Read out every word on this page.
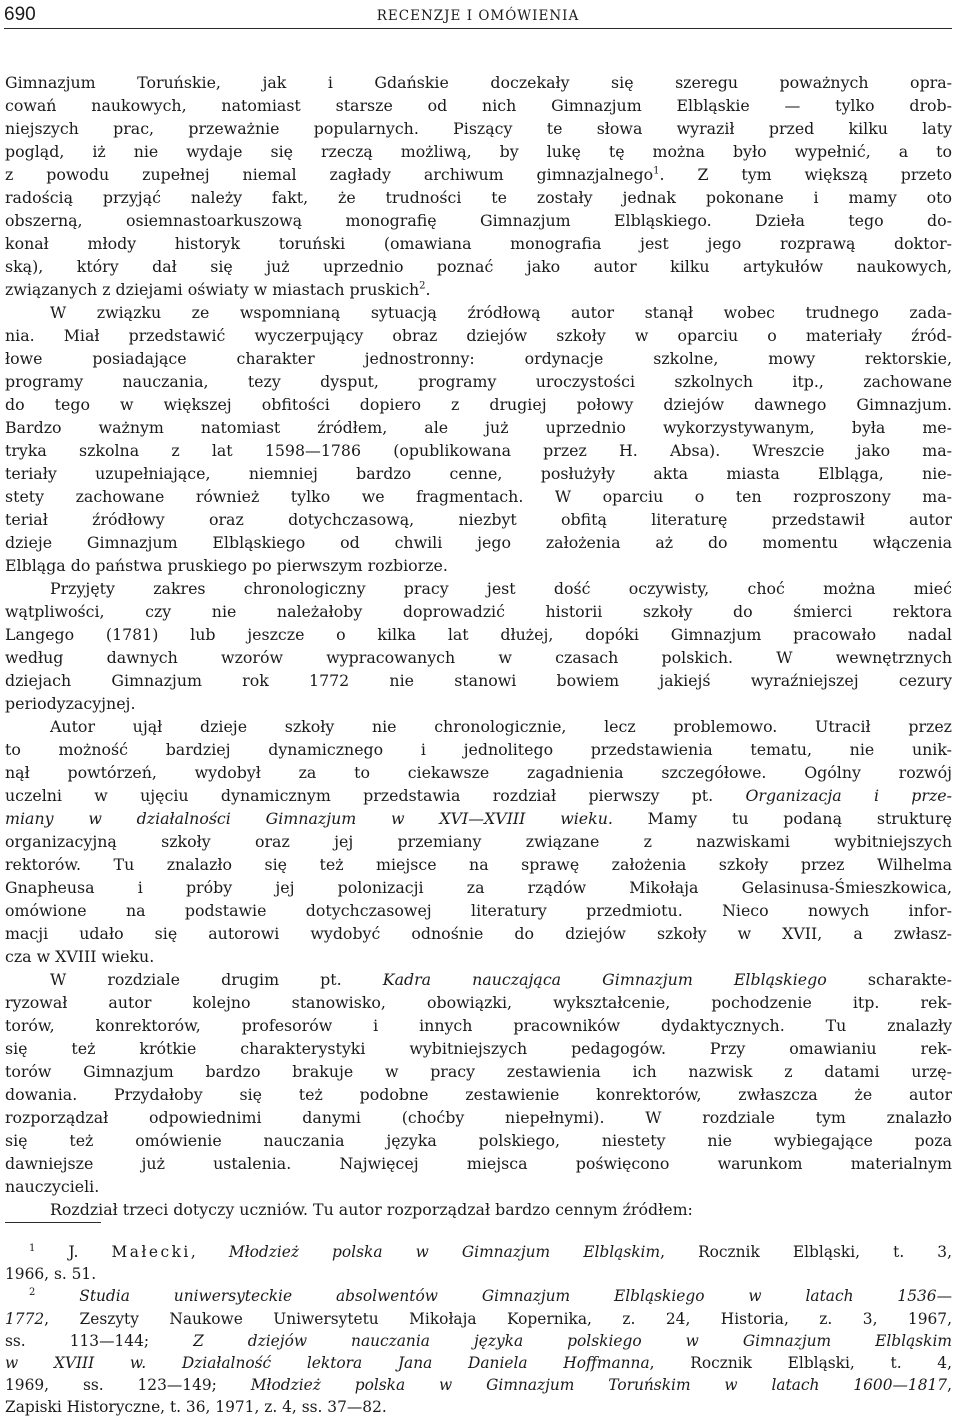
690	RECENZJE I OMÓWIENIA
Gimnazjum Toruńskie, jak i Gdańskie doczekały się szeregu poważnych opra-
cowań naukowych, natomiast starsze od nich Gimnazjum Elbląskie — tylko drob-
niejszych prac, przeważnie popularnych. Piszący te słowa wyraził przed kilku laty
pogląd, iż nie wydaje się rzeczą możliwą, by lukę tę można było wypełnić, a to
z powodu zupełnej niemal zagłady archiwum gimnazjalnego$^1$. Z tym większą przeto
radością przyjąć należy fakt, że trudności te zostały jednak pokonane i mamy oto
obszerną, osiemnastoarkuszową monografię Gimnazjum Elbląskiego. Dzieła tego do-
konał młody historyk toruński (omawiana monografia jest jego rozprawą doktor-
ską), który dał się już uprzednio poznać jako autor kilku artykułów naukowych,
związanych z dziejami oświaty w miastach pruskich$^2$.
W związku ze wspomnianą sytuacją źródłową autor stanął wobec trudnego zada-
nia. Miał przedstawić wyczerpujący obraz dziejów szkoły w oparciu o materiały źród-
łowe posiadające charakter jednostronny: ordynacje szkolne, mowy rektorskie,
programy nauczania, tezy dysput, programy uroczystości szkolnych itp., zachowane
do tego w większej obfitości dopiero z drugiej połowy dziejów dawnego Gimnazjum.
Bardzo ważnym natomiast źródłem, ale już uprzednio wykorzystywanym, była me-
tryka szkolna z lat 1598—1786 (opublikowana przez H. Absa). Wreszcie jako ma-
teriały uzupełniające, niemniej bardzo cenne, posłużyły akta miasta Elbląga, nie-
stety zachowane również tylko we fragmentach. W oparciu o ten rozproszony ma-
teriał źródłowy oraz dotychczasową, niezbyt obfitą literaturę przedstawił autor
dzieje Gimnazjum Elbląskiego od chwili jego założenia aż do momentu włączenia
Elbląga do państwa pruskiego po pierwszym rozbiorze.
Przyjęty zakres chronologiczny pracy jest dość oczywisty, choć można mieć
wątpliwości, czy nie należałoby doprowadzić historii szkoły do śmierci rektora
Langego (1781) lub jeszcze o kilka lat dłużej, dopóki Gimnazjum pracowało nadal
według dawnych wzorów wypracowanych w czasach polskich. W wewnętrznych
dziejach Gimnazjum rok 1772 nie stanowi bowiem jakiejś wyraźniejszej cezury
periodyzacyjnej.
Autor ujął dzieje szkoły nie chronologicznie, lecz problemowo. Utracił przez
to możność bardziej dynamicznego i jednolitego przedstawienia tematu, nie unik-
nął powtórzeń, wydobył za to ciekawsze zagadnienia szczegółowe. Ogólny rozwój
uczelni w ujęciu dynamicznym przedstawia rozdział pierwszy pt. Organizacja i prze-
miany w działalności Gimnazjum w XVI—XVIII wieku. Mamy tu podaną strukturę
organizacyjną szkoły oraz jej przemiany związane z nazwiskami wybitniejszych
rektorów. Tu znalazło się też miejsce na sprawę założenia szkoły przez Wilhelma
Gnapheusa i próby jej polonizacji za rządów Mikołaja Gelasinusa-Śmieszkowica,
omówione na podstawie dotychczasowej literatury przedmiotu. Nieco nowych infor-
macji udało się autorowi wydobyć odnośnie do dziejów szkoły w XVII, a zwłasz-
cza w XVIII wieku.
W rozdziale drugim pt. Kadra nauczająca Gimnazjum Elbląskiego scharakte-
ryzował autor kolejno stanowisko, obowiązki, wykształcenie, pochodzenie itp. rek-
torów, konrektorów, profesorów i innych pracowników dydaktycznych. Tu znalazły
się też krótkie charakterystyki wybitniejszych pedagogów. Przy omawianiu rek-
torów Gimnazjum bardzo brakuje w pracy zestawienia ich nazwisk z datami urzę-
dowania. Przydałoby się też podobne zestawienie konrektorów, zwłaszcza że autor
rozporządzał odpowiednimi danymi (choćby niepełnymi). W rozdziale tym znalazło
się też omówienie nauczania języka polskiego, niestety nie wybiegające poza
dawniejsze już ustalenia. Najwięcej miejsca poświęcono warunkom materialnym
nauczycieli.
Rozdział trzeci dotyczy uczniów. Tu autor rozporządzał bardzo cennym źródłem:
$^1$ J. Małecki, Młodzież polska w Gimnazjum Elbląskim, Rocznik Elbląski, t. 3,
1966, s. 51.
$^2$	Studia uniwersyteckie absolwentów Gimnazjum Elbląskiego w latach 1536—
1772, Zeszyty Naukowe Uniwersytetu Mikołaja Kopernika, z. 24, Historia, z. 3, 1967,
ss. 113—144; Z dziejów nauczania języka polskiego w Gimnazjum Elbląskim
w XVIII w. Działalność lektora Jana Daniela Hoffmanna, Rocznik Elbląski, t. 4,
1969, ss. 123—149; Młodzież polska w Gimnazjum Toruńskim w latach 1600—1817,
Zapiski Historyczne, t. 36, 1971, z. 4, ss. 37—82.
